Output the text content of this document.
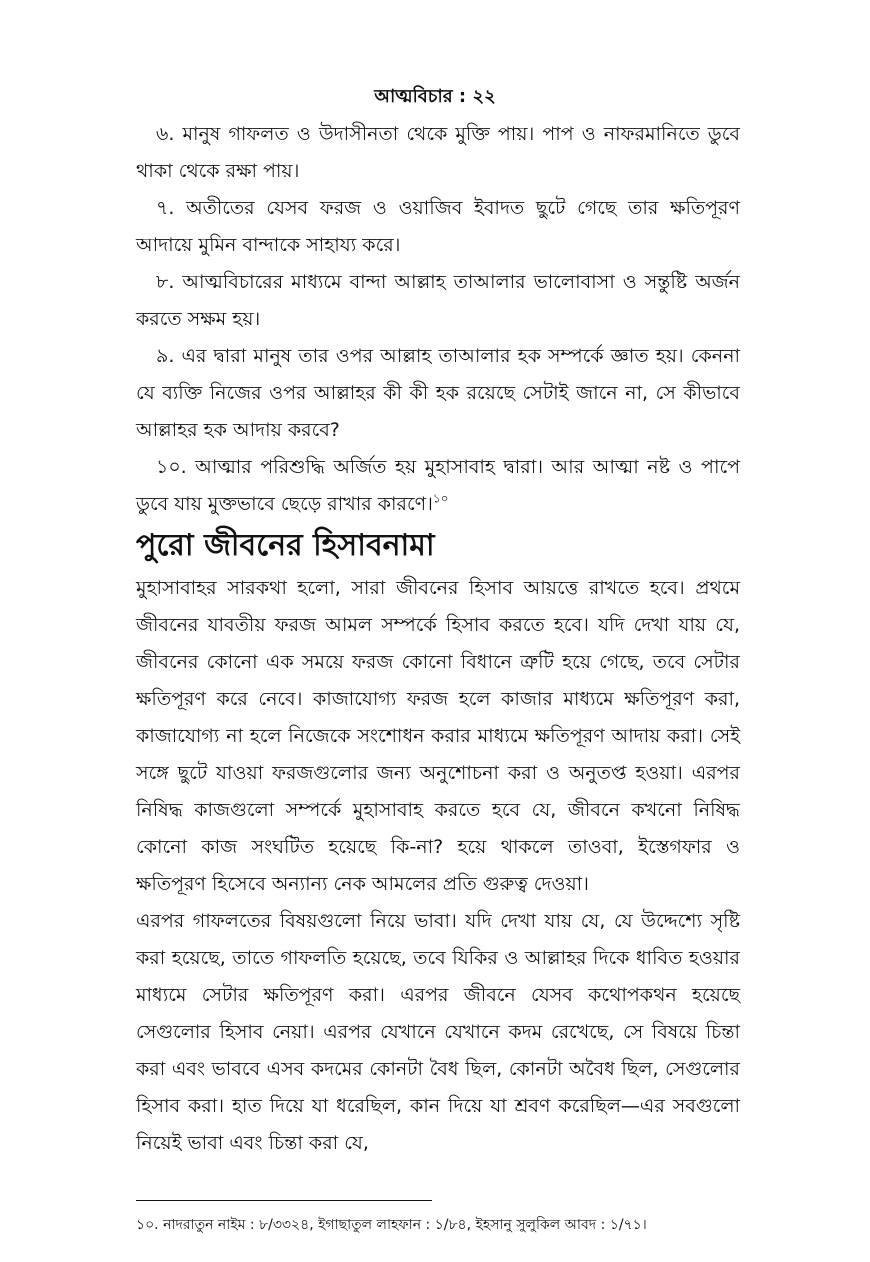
আত্মবিচার : ২২

৬. মানুষ গাফলত ও উদাসীনতা থেকে মুক্তি পায়। পাপ ও নাফরমানিতে ডুবে থাকা থেকে রক্ষা পায়।

৭. অতীতের যেসব ফরজ ও ওয়াজিব ইবাদত ছুটে গেছে তার ক্ষতিপূরণ আদায়ে মুমিন বান্দাকে সাহায্য করে।

৮. আত্মবিচারের মাধ্যমে বান্দা আল্লাহ তাআলার ভালোবাসা ও সন্তুষ্টি অর্জন করতে সক্ষম হয়।

৯. এর দ্বারা মানুষ তার ওপর আল্লাহ তাআলার হক সম্পর্কে জ্ঞাত হয়। কেননা যে ব্যক্তি নিজের ওপর আল্লাহর কী কী হক রয়েছে সেটাই জানে না, সে কীভাবে আল্লাহর হক আদায় করবে?

১০. আত্মার পরিশুদ্ধি অর্জিত হয় মুহাসাবাহ দ্বারা। আর আত্মা নষ্ট ও পাপে ডুবে যায় মুক্তভাবে ছেড়ে রাখার কারণে।$^{১০}$

পুরো জীবনের হিসাবনামা

মুহাসাবাহর সারকথা হলো, সারা জীবনের হিসাব আয়ত্তে রাখতে হবে। প্রথমে জীবনের যাবতীয় ফরজ আমল সম্পর্কে হিসাব করতে হবে। যদি দেখা যায় যে, জীবনের কোনো এক সময়ে ফরজ কোনো বিধানে ত্রুটি হয়ে গেছে, তবে সেটার ক্ষতিপূরণ করে নেবে। কাজাযোগ্য ফরজ হলে কাজার মাধ্যমে ক্ষতিপূরণ করা, কাজাযোগ্য না হলে নিজেকে সংশোধন করার মাধ্যমে ক্ষতিপূরণ আদায় করা। সেই সঙ্গে ছুটে যাওয়া ফরজগুলোর জন্য অনুশোচনা করা ও অনুতপ্ত হওয়া। এরপর নিষিদ্ধ কাজগুলো সম্পর্কে মুহাসাবাহ করতে হবে যে, জীবনে কখনো নিষিদ্ধ কোনো কাজ সংঘটিত হয়েছে কি-না? হয়ে থাকলে তাওবা, ইস্তেগফার ও ক্ষতিপূরণ হিসেবে অন্যান্য নেক আমলের প্রতি গুরুত্ব দেওয়া।

এরপর গাফলতের বিষয়গুলো নিয়ে ভাবা। যদি দেখা যায় যে, যে উদ্দেশ্যে সৃষ্টি করা হয়েছে, তাতে গাফলতি হয়েছে, তবে যিকির ও আল্লাহর দিকে ধাবিত হওয়ার মাধ্যমে সেটার ক্ষতিপূরণ করা। এরপর জীবনে যেসব কথোপকথন হয়েছে সেগুলোর হিসাব নেয়া। এরপর যেখানে যেখানে কদম রেখেছে, সে বিষয়ে চিন্তা করা এবং ভাববে এসব কদমের কোনটা বৈধ ছিল, কোনটা অবৈধ ছিল, সেগুলোর হিসাব করা। হাত দিয়ে যা ধরেছিল, কান দিয়ে যা শ্রবণ করেছিল—এর সবগুলো নিয়েই ভাবা এবং চিন্তা করা যে,

১০. নাদরাতুন নাইম : ৮/৩৩২৪, ইগাছাতুল লাহফান : ১/৮৪, ইহসানু সুলুকিল আবদ : ১/৭১।
